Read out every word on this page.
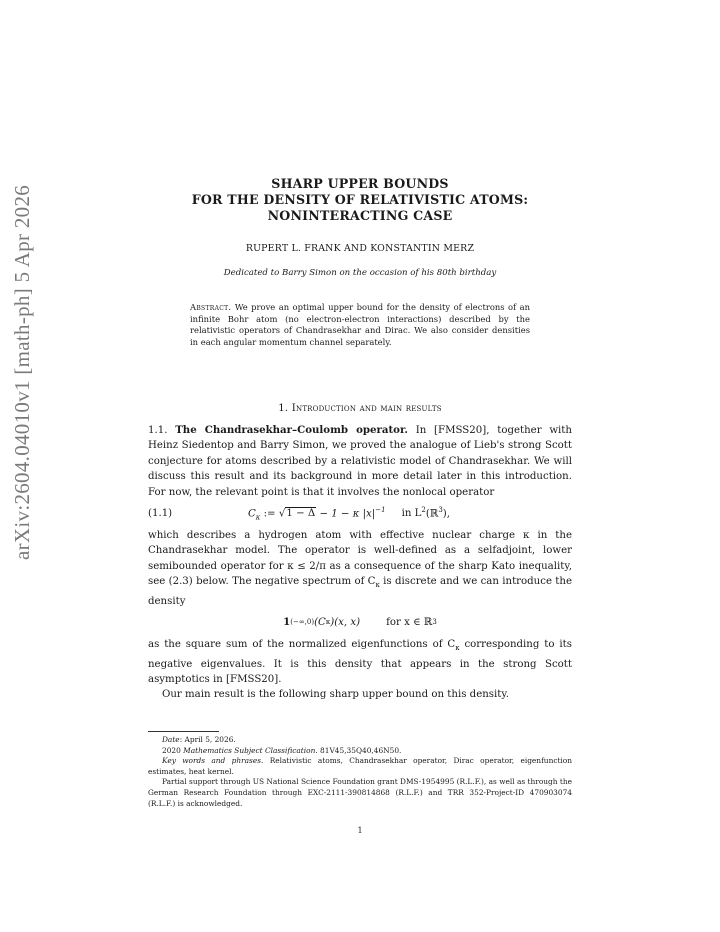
arXiv:2604.04010v1 [math-ph] 5 Apr 2026
SHARP UPPER BOUNDS
FOR THE DENSITY OF RELATIVISTIC ATOMS:
NONINTERACTING CASE
RUPERT L. FRANK AND KONSTANTIN MERZ
Dedicated to Barry Simon on the occasion of his 80th birthday
Abstract. We prove an optimal upper bound for the density of electrons of an infinite Bohr atom (no electron-electron interactions) described by the relativistic operators of Chandrasekhar and Dirac. We also consider densities in each angular momentum channel separately.
1. Introduction and main results

1.1. The Chandrasekhar–Coulomb operator. In [FMSS20], together with Heinz Siedentop and Barry Simon, we proved the analogue of Lieb's strong Scott conjecture for atoms described by a relativistic model of Chandrasekhar. We will discuss this result and its background in more detail later in this introduction. For now, the relevant point is that it involves the nonlocal operator

(1.1)	$C_\kappa$ := √1 − Δ − 1 − κ $|x|^{-1}$ in $L^2(ℝ^3)$,

which describes a hydrogen atom with effective nuclear charge κ in the Chandrasekhar model. The operator is well-defined as a selfadjoint, lower semibounded operator for κ ≤ 2/π as a consequence of the sharp Kato inequality, see (2.3) below. The negative spectrum of $C_\kappa$ is discrete and we can introduce the density

1 (−∞,0) (C κ )(x, x)	for x ∈ ℝ 3

as the square sum of the normalized eigenfunctions of $C_\kappa$ corresponding to its negative eigenvalues. It is this density that appears in the strong Scott asymptotics in [FMSS20].

Our main result is the following sharp upper bound on this density.

Date: April 5, 2026.

2020 Mathematics Subject Classification. 81V45,35Q40,46N50.

Key words and phrases. Relativistic atoms, Chandrasekhar operator, Dirac operator, eigenfunction estimates, heat kernel.

Partial support through US National Science Foundation grant DMS-1954995 (R.L.F.), as well as through the German Research Foundation through EXC-2111-390814868 (R.L.F.) and TRR 352-Project-ID 470903074 (R.L.F.) is acknowledged.

1
